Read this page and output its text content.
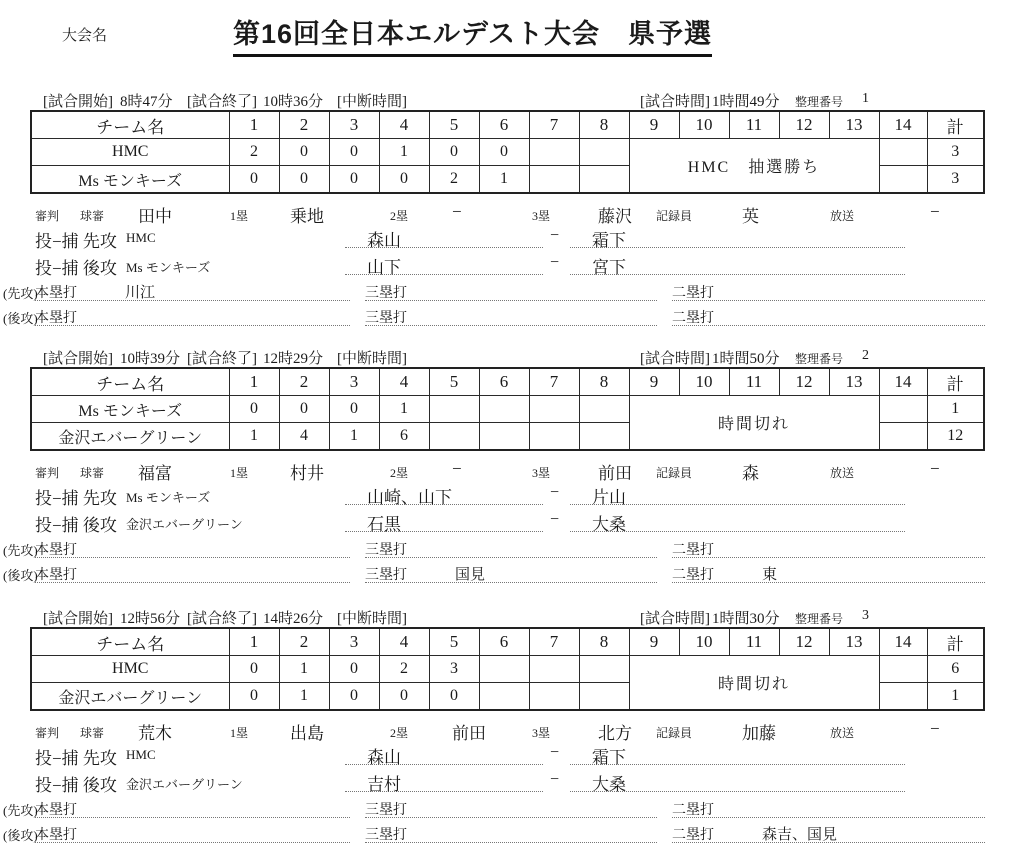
大会名	第16回全日本エルデスト大会　県予選
[試合開始] 8時47分 [試合終了] 10時36分 [中断時間]	[試合時間] 1時間49分 整理番号 1
チーム名	1	2	3	4	5	6	7	8	9	10	11	12	13	14	計
HMC	2	0	0	1	0	0			HMC　抽選勝ち						3
Ms モンキーズ	0	0	0	0	2	1									3
審判 球審 田中	1塁 乗地	2塁	−	3塁	藤沢 記録員	英	放送	−
投−捕 先攻 HMC	森山	−	霜下
投−捕 後攻 Ms モンキーズ	山下	−	宮下
(先攻)
本塁打	川江	三塁打	二塁打
(後攻)
本塁打	三塁打	二塁打
[試合開始] 10時39分 [試合終了] 12時29分 [中断時間]	[試合時間] 1時間50分 整理番号 2
チーム名	1	2	3	4	5	6	7	8	9	10	11	12	13	14	計
Ms モンキーズ	0	0	0	1					時間切れ						1
金沢エバーグリーン	1	4	1	6											12
審判 球審 福富	1塁 村井	2塁	−	3塁	前田 記録員	森	放送	−
投−捕 先攻 Ms モンキーズ	山崎、山下	−	片山
投−捕 後攻 金沢エバーグリーン	石黒	−	大桑
(先攻)
本塁打	三塁打	二塁打
(後攻)
本塁打	三塁打	国見	二塁打	東
[試合開始] 12時56分 [試合終了] 14時26分 [中断時間]	[試合時間] 1時間30分 整理番号 3
チーム名	1	2	3	4	5	6	7	8	9	10	11	12	13	14	計
HMC	0	1	0	2	3				時間切れ						6
金沢エバーグリーン	0	1	0	0	0										1
審判 球審 荒木	1塁 出島	2塁	前田	3塁	北方 記録員	加藤	放送	−
投−捕 先攻 HMC	森山	−	霜下
投−捕 後攻 金沢エバーグリーン	吉村	−	大桑
(先攻)
本塁打	三塁打	二塁打
(後攻)
本塁打	三塁打	二塁打	森吉、国見
